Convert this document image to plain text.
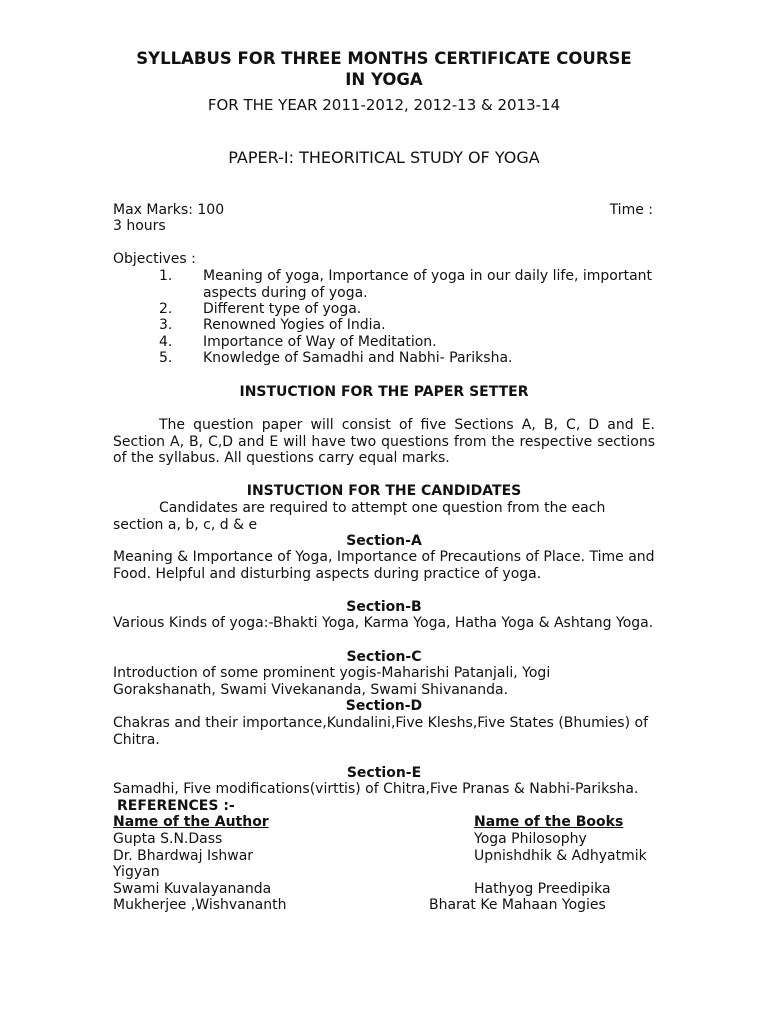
SYLLABUS FOR THREE MONTHS CERTIFICATE COURSE
IN YOGA
FOR THE YEAR 2011-2012, 2012-13 & 2013-14
PAPER-I: THEORITICAL STUDY OF YOGA
Max Marks: 100	Time :
3 hours
Objectives :
1. Meaning of yoga, Importance of yoga in our daily life, important aspects during of yoga.
2. Different type of yoga.
3. Renowned Yogies of India.
4. Importance of Way of Meditation.
5. Knowledge of Samadhi and Nabhi- Pariksha.
INSTUCTION FOR THE PAPER SETTER
The question paper will consist of five Sections A, B, C, D and E. Section A, B, C,D and E will have two questions from the respective sections of the syllabus. All questions carry equal marks.
INSTUCTION FOR THE CANDIDATES
Candidates are required to attempt one question from the each section a, b, c, d & e
Section-A
Meaning & Importance of Yoga, Importance of Precautions of Place. Time and Food. Helpful and disturbing aspects during practice of yoga.
Section-B
Various Kinds of yoga:-Bhakti Yoga, Karma Yoga, Hatha Yoga & Ashtang Yoga.
Section-C
Introduction of some prominent yogis-Maharishi Patanjali, Yogi Gorakshanath, Swami Vivekananda, Swami Shivananda.
Section-D
Chakras and their importance,Kundalini,Five Kleshs,Five States (Bhumies) of Chitra.
Section-E
Samadhi, Five modifications(virttis) of Chitra,Five Pranas & Nabhi-Pariksha.
REFERENCES :-
Name of the Author	Name of the Books
Gupta S.N.Dass	Yoga Philosophy
Dr. Bhardwaj Ishwar	Upnishdhik & Adhyatmik
Yigyan
Swami Kuvalayananda	Hathyog Preedipika
Mukherjee ,Wishvananth	Bharat Ke Mahaan Yogies
